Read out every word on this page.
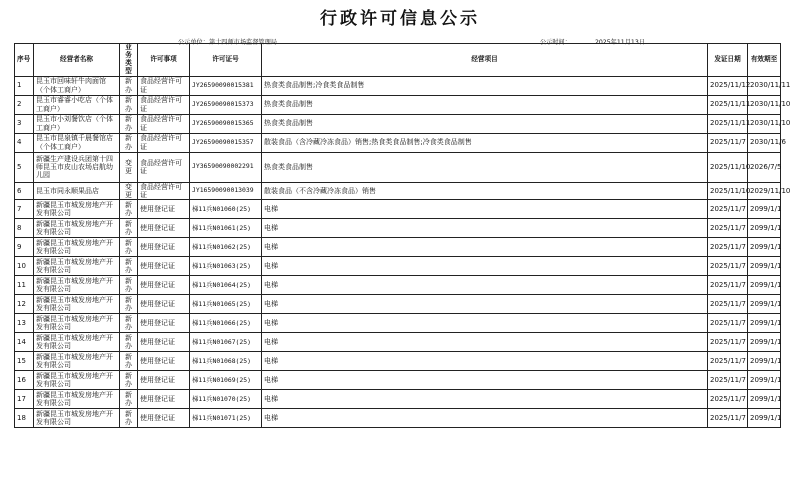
行政许可信息公示
公示单位：第十四师市场监督管理局	公示时间：	2025年11月13日
序号	经营者名称	业务类型	许可事项	许可证号	经营项目	发证日期	有效期至
1	昆玉市回味轩牛肉面馆（个体工商户）	新办	食品经营许可证	JY26590090015381	热食类食品制售;冷食类食品制售	2025/11/12	2030/11/11
2	昆玉市睿睿小吃店（个体工商户）	新办	食品经营许可证	JY26590090015373	热食类食品制售	2025/11/11	2030/11/10
3	昆玉市小刘餐饮店（个体工商户）	新办	食品经营许可证	JY26590090015365	热食类食品制售	2025/11/11	2030/11/10
4	昆玉市昆泉镇千晨餐馆店（个体工商户）	新办	食品经营许可证	JY26590090015357	散装食品（含冷藏冷冻食品）销售;热食类食品制售;冷食类食品制售	2025/11/7	2030/11/6
5	新疆生产建设兵团第十四师昆玉市皮山农场启航幼儿园	变更	食品经营许可证	JY36590090002291	热食类食品制售	2025/11/10	2026/7/5
6	昆玉市同永顺果品店	变更	食品经营许可证	JY16590090013039	散装食品（不含冷藏冷冻食品）销售	2025/11/10	2029/11/10
7	新疆昆玉市城发房地产开发有限公司	新办	使用登记证	梯11兵N01060(25)	电梯	2025/11/7	2099/1/1
8	新疆昆玉市城发房地产开发有限公司	新办	使用登记证	梯11兵N01061(25)	电梯	2025/11/7	2099/1/1
9	新疆昆玉市城发房地产开发有限公司	新办	使用登记证	梯11兵N01062(25)	电梯	2025/11/7	2099/1/1
10	新疆昆玉市城发房地产开发有限公司	新办	使用登记证	梯11兵N01063(25)	电梯	2025/11/7	2099/1/1
11	新疆昆玉市城发房地产开发有限公司	新办	使用登记证	梯11兵N01064(25)	电梯	2025/11/7	2099/1/1
12	新疆昆玉市城发房地产开发有限公司	新办	使用登记证	梯11兵N01065(25)	电梯	2025/11/7	2099/1/1
13	新疆昆玉市城发房地产开发有限公司	新办	使用登记证	梯11兵N01066(25)	电梯	2025/11/7	2099/1/1
14	新疆昆玉市城发房地产开发有限公司	新办	使用登记证	梯11兵N01067(25)	电梯	2025/11/7	2099/1/1
15	新疆昆玉市城发房地产开发有限公司	新办	使用登记证	梯11兵N01068(25)	电梯	2025/11/7	2099/1/1
16	新疆昆玉市城发房地产开发有限公司	新办	使用登记证	梯11兵N01069(25)	电梯	2025/11/7	2099/1/1
17	新疆昆玉市城发房地产开发有限公司	新办	使用登记证	梯11兵N01070(25)	电梯	2025/11/7	2099/1/1
18	新疆昆玉市城发房地产开发有限公司	新办	使用登记证	梯11兵N01071(25)	电梯	2025/11/7	2099/1/1
